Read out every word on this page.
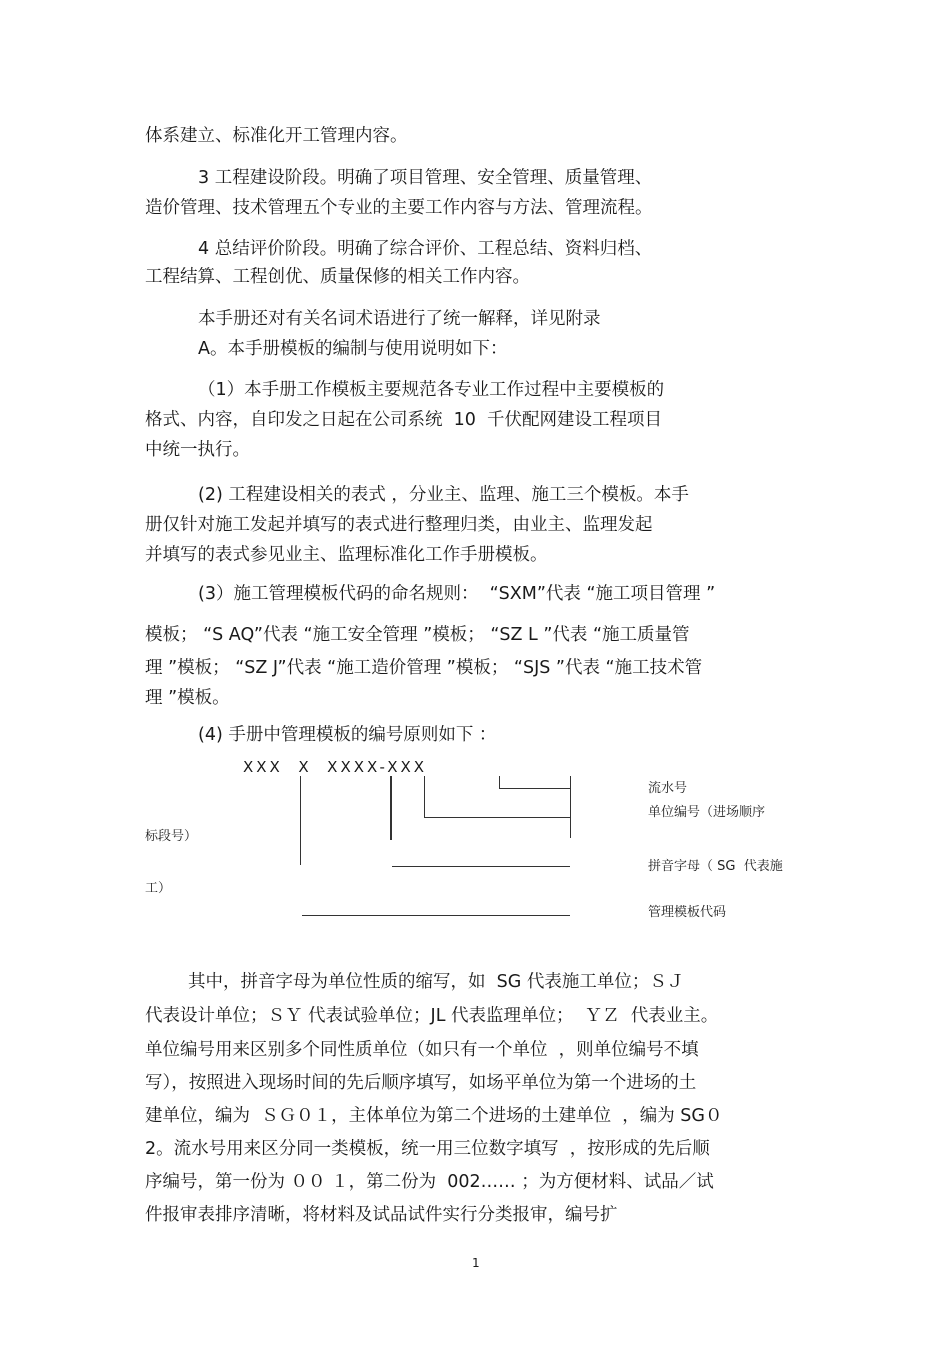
体系建立、标准化开工管理内容。
3 工程建设阶段。明确了项目管理、安全管理、质量管理、
造价管理、技术管理五个专业的主要工作内容与方法、管理流程。
4 总结评价阶段。明确了综合评价、工程总结、资料归档、
工程结算、工程创优、质量保修的相关工作内容。
本手册还对有关名词术语进行了统一解释，详见附录
A。本手册模板的编制与使用说明如下：
（1）本手册工作模板主要规范各专业工作过程中主要模板的
格式、内容，自印发之日起在公司系统  10  千伏配网建设工程项目
中统一执行。
(2) 工程建设相关的表式 ，分业主、监理、施工三个模板。本手
册仅针对施工发起并填写的表式进行整理归类，由业主、监理发起
并填写的表式参见业主、监理标准化工作手册模板。
(3）施工管理模板代码的命名规则：  “SXM”代表 “施工项目管理 ”
模板； “S AQ”代表 “施工安全管理 ”模板； “SZ L ”代表 “施工质量管
理 ”模板； “SZ J”代表 “施工造价管理 ”模板； “SJS ”代表 “施工技术管
理 ”模板。
(4) 手册中管理模板的编号原则如下 ：
XXX  X  XXXX-XXX
流水号
单位编号（进场顺序
标段号）
拼音字母（ SG  代表施
工）
管理模板代码
其中，拼音字母为单位性质的缩写，如  SG 代表施工单位；ＳＪ
代表设计单位；ＳＹ 代表试验单位；JL 代表监理单位；  ＹＺ  代表业主。
单位编号用来区别多个同性质单位（如只有一个单位  ，则单位编号不填
写），按照进入现场时间的先后顺序填写，如场平单位为第一个进场的土
建单位，编为  ＳＧ０１，主体单位为第二个进场的土建单位  ，编为 SG０
2。流水号用来区分同一类模板，统一用三位数字填写  ，按形成的先后顺
序编号，第一份为 ００ １，第二份为  002…… ；为方便材料、试品／试
件报审表排序清晰，将材料及试品试件实行分类报审，编号扩
1
